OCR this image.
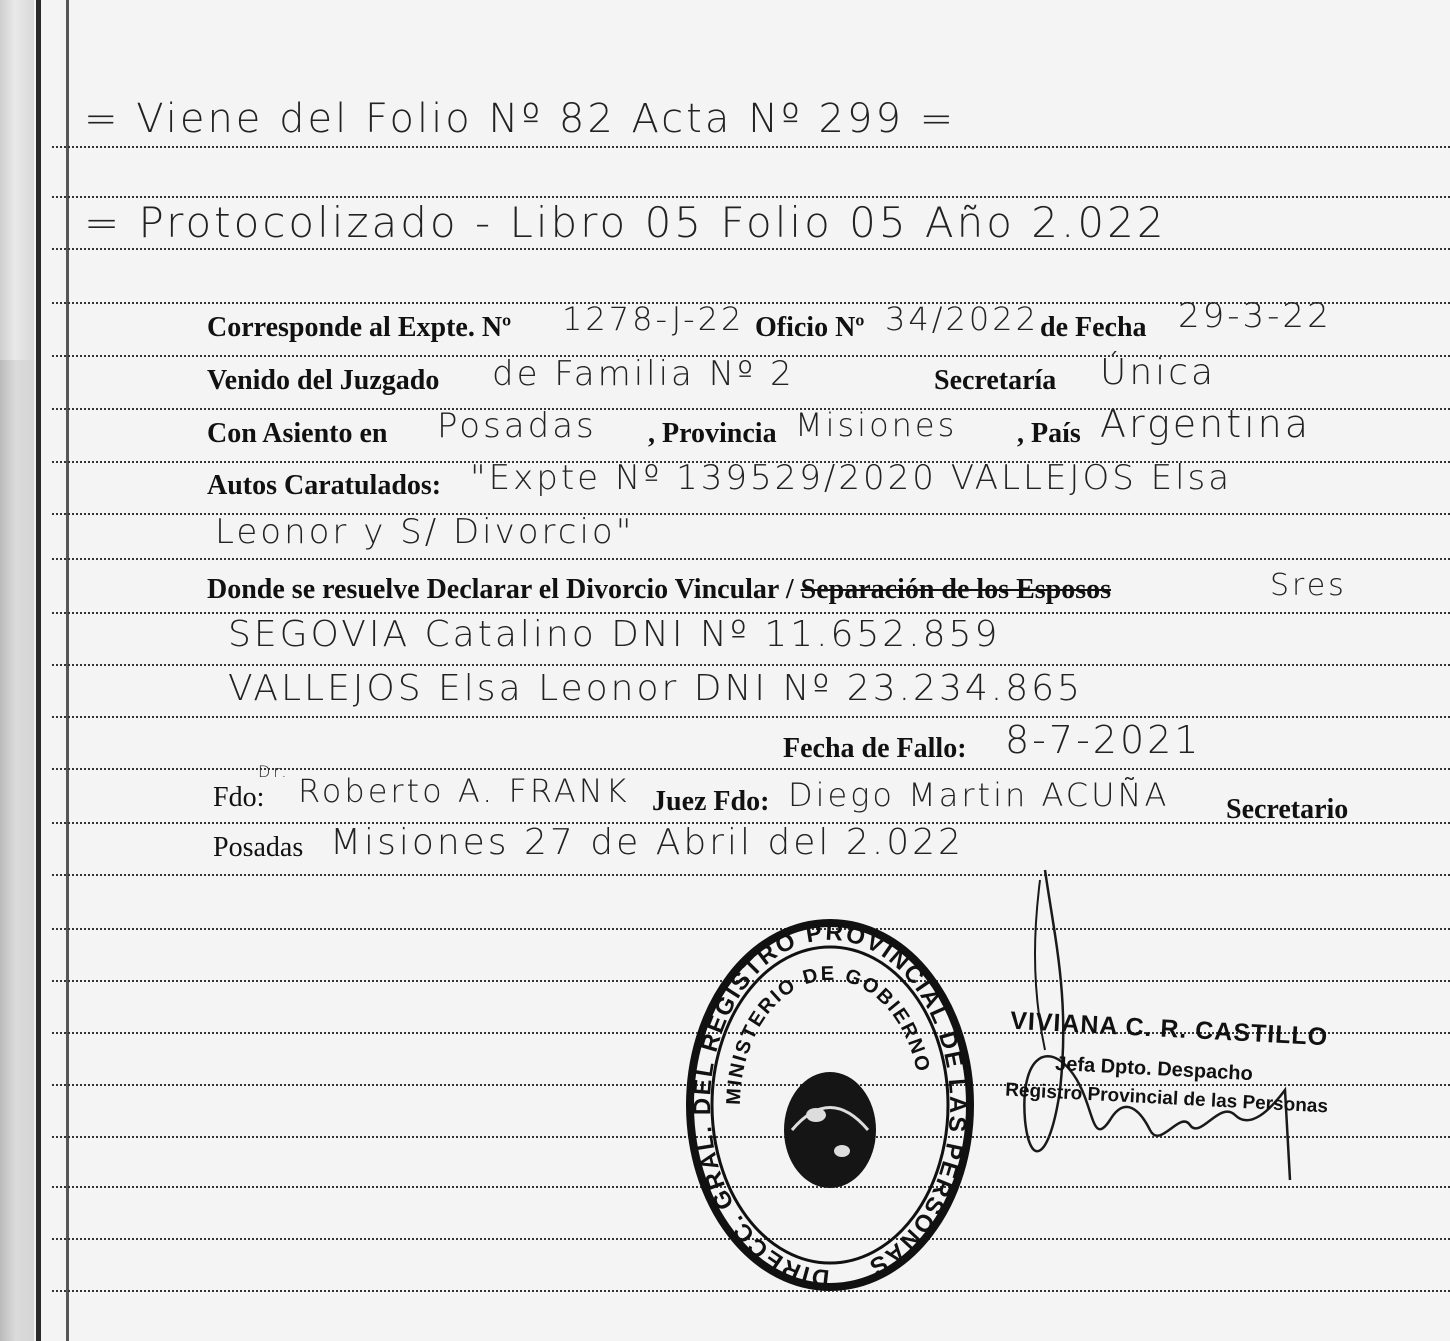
= Viene del Folio Nº 82 Acta Nº 299 =
= Protocolizado - Libro 05 Folio 05 Año 2.022
Corresponde al Expte. Nº 1278-J-22 Oficio Nº 34/2022 de Fecha 29-3-22
Venido del Juzgado de Familia Nº 2	Secretaría Única
Con Asiento en Posadas , Provincia Misiones , País Argentina
Autos Caratulados: "Expte Nº 139529/2020 VALLEJOS Elsa
Leonor y S/ Divorcio"
Donde se resuelve Declarar el Divorcio Vincular / Separación de los Esposos	Sres
SEGOVIA Catalino DNI Nº 11.652.859
VALLEJOS Elsa Leonor DNI Nº 23.234.865
Fecha de Fallo: 8-7-2021
Fdo:
Dr.
Roberto A. FRANK Juez Fdo: Diego Martin ACUÑA Secretario
Posadas Misiones 27 de Abril del 2.022
DIRECC. GRAL. DEL REGISTRO PROVINCIAL DE LAS PERSONAS
MINISTERIO DE GOBIERNO
VIVIANA C. R. CASTILLO
Jefa Dpto. Despacho
Registro Provincial de las Personas
